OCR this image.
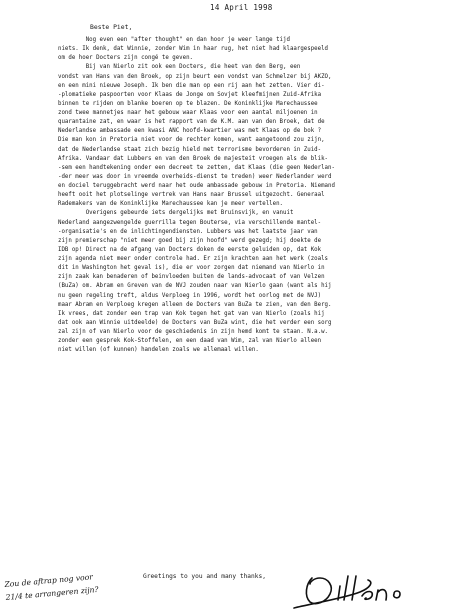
14 April 1998
Beste Piet,
Nog even een "after thought" en dan hoor je weer lange tijd
niets. Ik denk, dat Winnie, zonder Wim in haar rug, het niet had klaargespeeld
om de hoer Docters zijn congé te geven.
Bij van Nierlo zit ook een Docters, die heet van den Berg, een
vondst van Hans van den Broek, op zijn beurt een vondst van Schmelzer bij AKZO,
en een mini nieuwe Joseph. Ik ben die man op een rij aan het zetten. Vier di-
-plomatieke paspoorten voor Klaas de Jonge om Sovjet kleefmijnen Zuid-Afrika
binnen te rijden om blanke boeren op te blazen. De Koninklijke Marechaussee
zond twee mannetjes naar het gebouw waar Klaas voor een aantal miljoenen in
quarantaine zat, en waar is het rapport van de K.M. aan van den Broek, dat de
Nederlandse ambassade een kwasi ANC hoofd-kwartier was met Klaas op de bok ?
Die man kon in Pretoria niet voor de rechter komen, want aangetoond zou zijn,
dat de Nederlandse staat zich bezig hield met terrorisme bevorderen in Zuid-
Afrika. Vandaar dat Lubbers en van den Broek de majesteit vroegen als de blik-
-sem een handtekening onder een decreet te zetten, dat Klaas (die geen Nederlan-
-der meer was door in vreemde overheids-dienst te treden) weer Nederlander werd
en dociel teruggebracht werd naar het oude ambassade gebouw in Pretoria. Niemand
heeft ooit het plotselinge vertrek van Hans naar Brussel uitgezocht. Generaal
Rademakers van de Koninklijke Marechaussee kan je meer vertellen.
Overigens gebeurde iets dergelijks met Bruinsvijk, en vanuit
Nederland aangezwengelde guerrilla tegen Bouterse, via verschillende mantel-
-organisatie's en de inlichtingendiensten. Lubbers was het laatste jaar van
zijn premierschap "niet meer goed bij zijn hoofd" werd gezegd; hij doekte de
IDB op! Direct na de afgang van Docters doken de eerste geluiden op, dat Kok
zijn agenda niet meer onder controle had. Er zijn krachten aan het werk (zoals
dit in Washington het geval is), die er voor zorgen dat niemand van Nierlo in
zijn zaak kan benaderen of beinvloeden buiten de lands-advocaat of van Velzen
(BuZa) om. Abram en Greven van de NVJ zouden naar van Nierlo gaan (want als hij
nu geen regeling treft, aldus Verploeg in 1996, wordt het oorlog met de NVJ)
maar Abram en Verploeg kregen alleen de Docters van BuZa te zien, van den Berg.
Ik vrees, dat zonder een trap van Kok tegen het gat van van Nierlo (zoals hij
dat ook aan Winnie uitdeelde) de Docters van BuZa wint, die het verder een sorg
zal zijn of van Nierlo voor de geschiedenis in zijn hemd komt te staan. N.a.w.
zonder een gesprek Kok-Stoffelen, en een daad van Wim, zal van Nierlo alleen
niet willen (of kunnen) handelen zoals we allemaal willen.
Greetings to you and many thanks,
Zou de aftrap nog voor
21/4 te arrangeren zijn?
